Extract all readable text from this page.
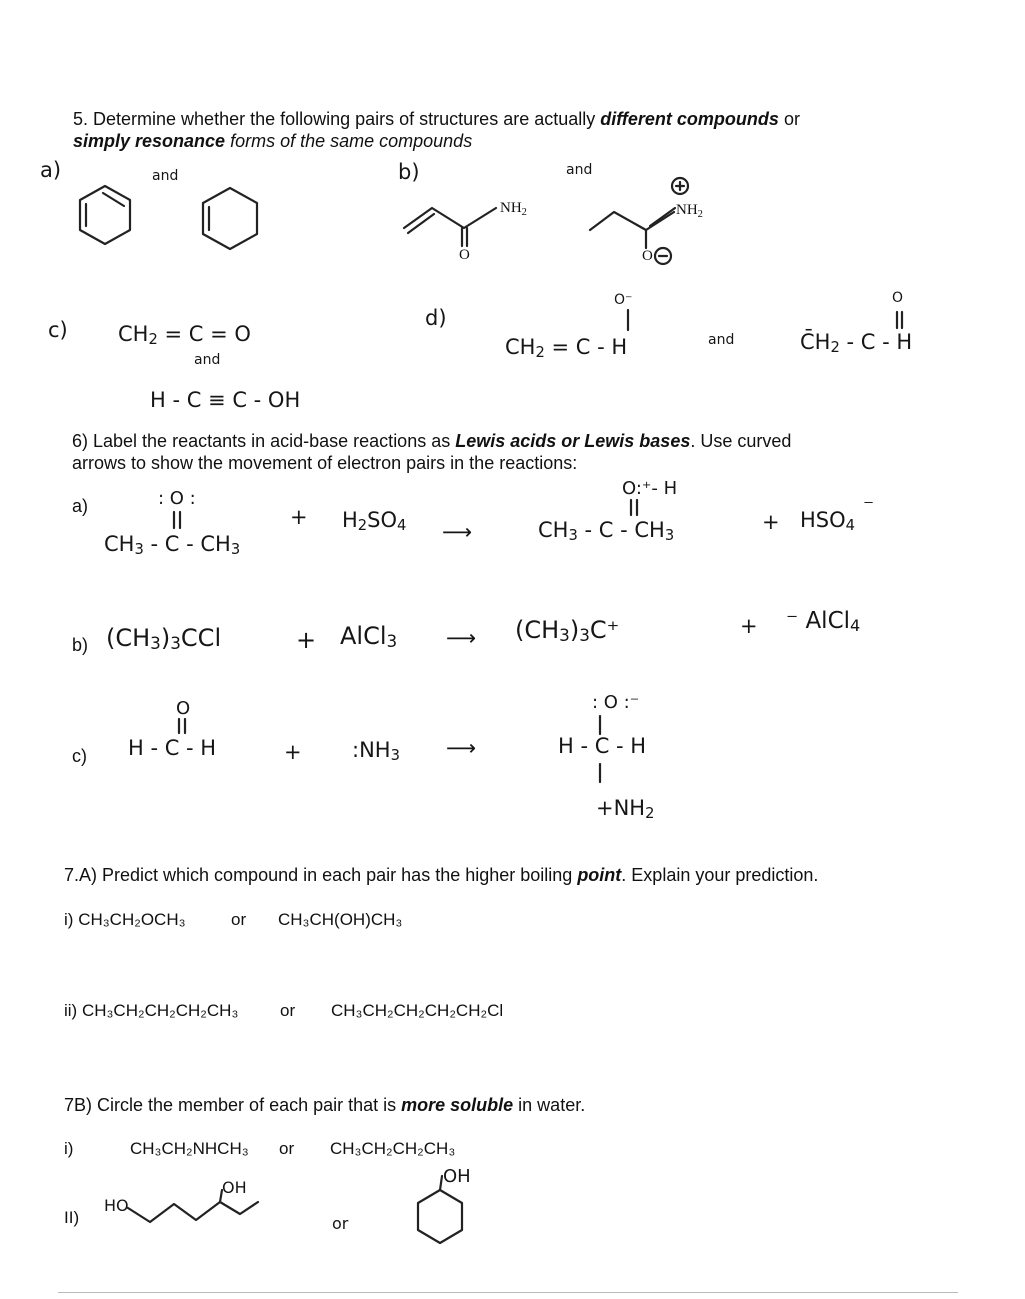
5. Determine whether the following pairs of structures are actually different compounds or
simply resonance forms of the same compounds
a)	and	b)	and
$NH_2$	$NH_2$
O	O
c) $CH_2 = C = O$
and
H - C ≡ C - OH
d)
O⁻
$CH_2 = C - H$	and
O
$C̄H_2$ - C - H
6) Label the reactants in acid-base reactions as Lewis acids or Lewis bases. Use curved
arrows to show the movement of electron pairs in the reactions:
a)	: O :
$CH_3$ - C - $CH_3$
+ $H_2SO_4$ ⟶
O:⁺- H
$CH_3$ - C - $CH_3$
+ $HSO_4^-$
b) $(CH_3)_3CCl$	+ AlCl$_3$ ⟶ $(CH_3)_3C^+$	+ ⁻ AlCl$_4$
c)
O
H - C - H	+ $:NH_3$ ⟶
: O :⁻
H - C - H
$+NH_2$
7.A) Predict which compound in each pair has the higher boiling point. Explain your prediction.
i) CH₃CH₂OCH₃	or CH₃CH(OH)CH₃
ii) CH₃CH₂CH₂CH₂CH₃ or CH₃CH₂CH₂CH₂CH₂Cl
7B) Circle the member of each pair that is more soluble in water.
i)	CH₃CH₂NHCH₃ or CH₃CH₂CH₂CH₃
II)
HO
OH
or
OH
